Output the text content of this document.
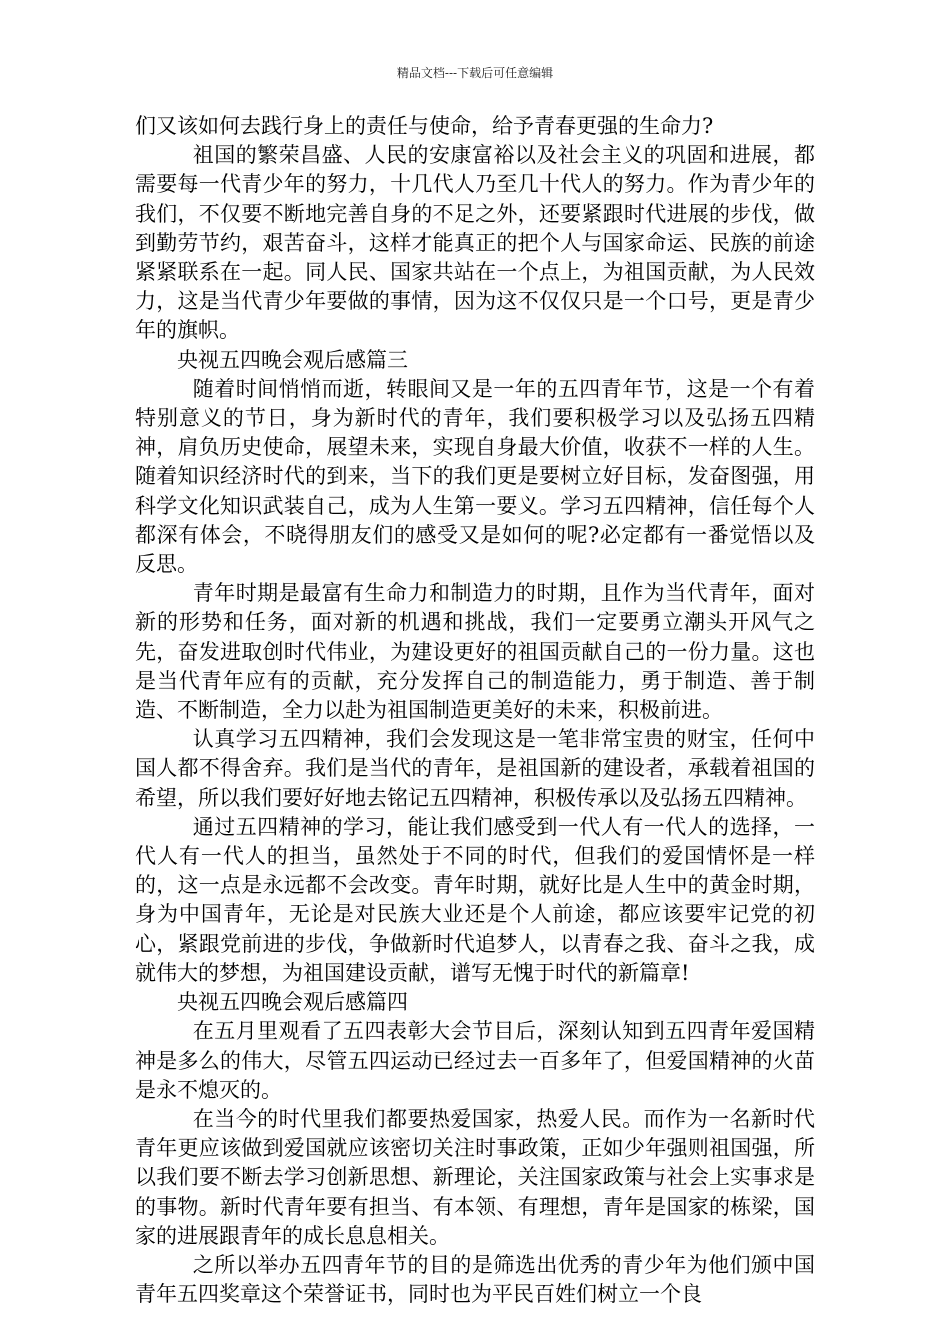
精品文档---下载后可任意编辑

们又该如何去践行身上的责任与使命，给予青春更强的生命力?

祖国的繁荣昌盛、人民的安康富裕以及社会主义的巩固和进展，都需要每一代青少年的努力，十几代人乃至几十代人的努力。作为青少年的我们，不仅要不断地完善自身的不足之外，还要紧跟时代进展的步伐，做到勤劳节约，艰苦奋斗，这样才能真正的把个人与国家命运、民族的前途紧紧联系在一起。同人民、国家共站在一个点上，为祖国贡献，为人民效力，这是当代青少年要做的事情，因为这不仅仅只是一个口号，更是青少年的旗帜。

央视五四晚会观后感篇三

随着时间悄悄而逝，转眼间又是一年的五四青年节，这是一个有着特别意义的节日，身为新时代的青年，我们要积极学习以及弘扬五四精神，肩负历史使命，展望未来，实现自身最大价值，收获不一样的人生。随着知识经济时代的到来，当下的我们更是要树立好目标，发奋图强，用科学文化知识武装自己，成为人生第一要义。学习五四精神，信任每个人都深有体会，不晓得朋友们的感受又是如何的呢?必定都有一番觉悟以及反思。

青年时期是最富有生命力和制造力的时期，且作为当代青年，面对新的形势和任务，面对新的机遇和挑战，我们一定要勇立潮头开风气之先，奋发进取创时代伟业，为建设更好的祖国贡献自己的一份力量。这也是当代青年应有的贡献，充分发挥自己的制造能力，勇于制造、善于制造、不断制造，全力以赴为祖国制造更美好的未来，积极前进。

认真学习五四精神，我们会发现这是一笔非常宝贵的财宝，任何中国人都不得舍弃。我们是当代的青年，是祖国新的建设者，承载着祖国的希望，所以我们要好好地去铭记五四精神，积极传承以及弘扬五四精神。

通过五四精神的学习，能让我们感受到一代人有一代人的选择，一代人有一代人的担当，虽然处于不同的时代，但我们的爱国情怀是一样的，这一点是永远都不会改变。青年时期，就好比是人生中的黄金时期，身为中国青年，无论是对民族大业还是个人前途，都应该要牢记党的初心，紧跟党前进的步伐，争做新时代追梦人，以青春之我、奋斗之我，成就伟大的梦想，为祖国建设贡献，谱写无愧于时代的新篇章!

央视五四晚会观后感篇四

在五月里观看了五四表彰大会节目后，深刻认知到五四青年爱国精神是多么的伟大，尽管五四运动已经过去一百多年了，但爱国精神的火苗是永不熄灭的。

在当今的时代里我们都要热爱国家，热爱人民。而作为一名新时代青年更应该做到爱国就应该密切关注时事政策，正如少年强则祖国强，所以我们要不断去学习创新思想、新理论，关注国家政策与社会上实事求是的事物。新时代青年要有担当、有本领、有理想，青年是国家的栋梁，国家的进展跟青年的成长息息相关。

之所以举办五四青年节的目的是筛选出优秀的青少年为他们颁中国青年五四奖章这个荣誉证书，同时也为平民百姓们树立一个良
